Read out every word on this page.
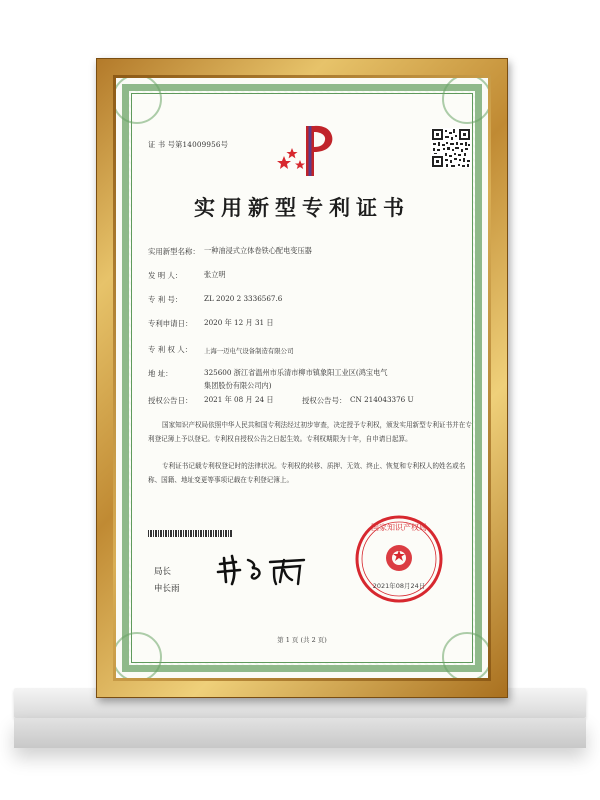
证 书 号第14009956号
实用新型专利证书
实用新型名称： 一种油浸式立体卷铁心配电变压器
发 明 人：	张立明
专 利 号：	ZL 2020 2 3336567.6
专利申请日： 2020 年 12 月 31 日
专 利 权 人： 上海一迈电气设备制造有限公司
地 址：	325600 浙江省温州市乐清市柳市镇象阳工业区(鸿宝电气
集团股份有限公司内)
授权公告日： 2021 年 08 月 24 日	授权公告号： CN 214043376 U
国家知识产权局依照中华人民共和国专利法经过初步审查，决定授予专利权，颁发实用新型专利证书并在专利登记簿上予以登记。专利权自授权公告之日起生效。专利权期限为十年，自申请日起算。
专利证书记载专利权登记时的法律状况。专利权的转移、质押、无效、终止、恢复和专利权人的姓名或名称、国籍、地址变更等事项记载在专利登记簿上。
局长
申长雨
国家知识产权局
2021年08月24日
第 1 页 (共 2 页)
